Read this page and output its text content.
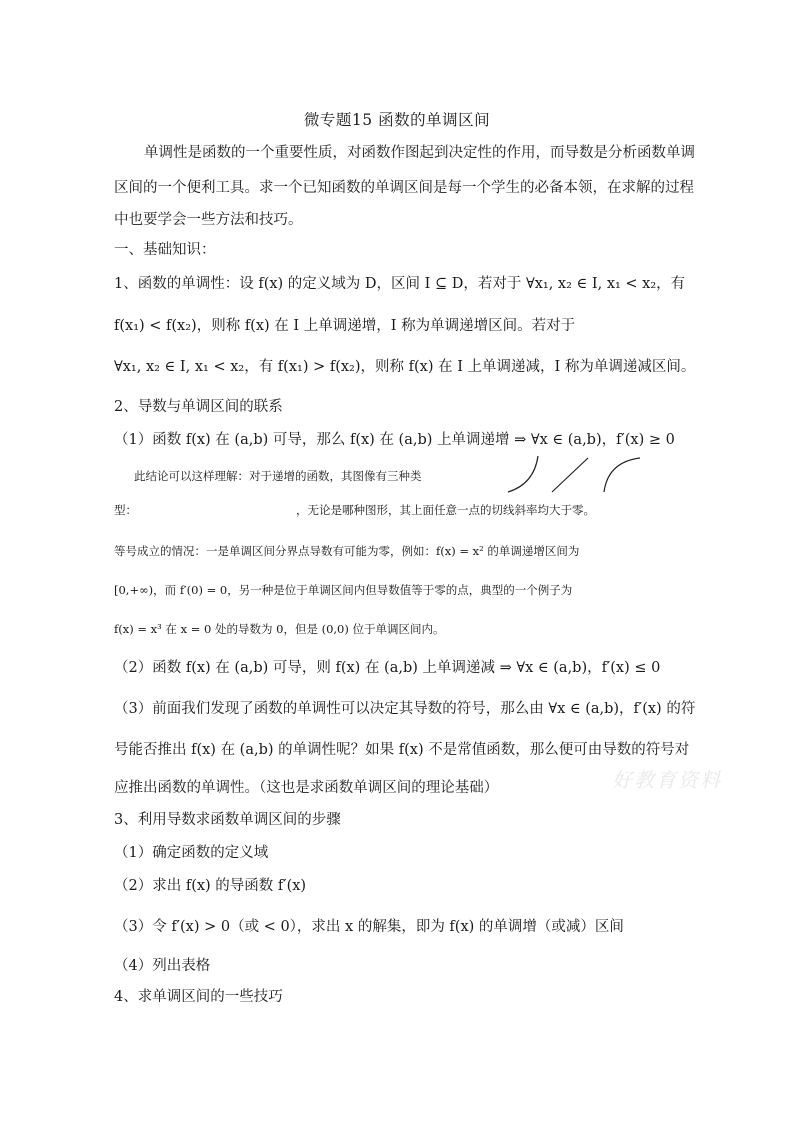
微专题15 函数的单调区间
单调性是函数的一个重要性质，对函数作图起到决定性的作用，而导数是分析函数单调
区间的一个便利工具。求一个已知函数的单调区间是每一个学生的必备本领，在求解的过程
中也要学会一些方法和技巧。
一、基础知识：
1、函数的单调性：设 f(x) 的定义域为 D，区间 I ⊆ D，若对于 ∀x₁, x₂ ∈ I, x₁ < x₂，有
f(x₁) < f(x₂)，则称 f(x) 在 I 上单调递增，I 称为单调递增区间。若对于
∀x₁, x₂ ∈ I, x₁ < x₂，有 f(x₁) > f(x₂)，则称 f(x) 在 I 上单调递减，I 称为单调递减区间。
2、导数与单调区间的联系
（1）函数 f(x) 在 (a,b) 可导，那么 f(x) 在 (a,b) 上单调递增 ⇒ ∀x ∈ (a,b)，f′(x) ≥ 0
此结论可以这样理解：对于递增的函数，其图像有三种类
型：	，无论是哪种图形，其上面任意一点的切线斜率均大于零。
等号成立的情况：一是单调区间分界点导数有可能为零，例如：f(x) = x² 的单调递增区间为
[0,+∞)，而 f′(0) = 0，另一种是位于单调区间内但导数值等于零的点，典型的一个例子为
f(x) = x³ 在 x = 0 处的导数为 0，但是 (0,0) 位于单调区间内。
（2）函数 f(x) 在 (a,b) 可导，则 f(x) 在 (a,b) 上单调递减 ⇒ ∀x ∈ (a,b)，f′(x) ≤ 0
（3）前面我们发现了函数的单调性可以决定其导数的符号，那么由 ∀x ∈ (a,b)，f′(x) 的符
号能否推出 f(x) 在 (a,b) 的单调性呢？如果 f(x) 不是常值函数，那么便可由导数的符号对
应推出函数的单调性。（这也是求函数单调区间的理论基础）	好教育资料
3、利用导数求函数单调区间的步骤
（1）确定函数的定义域
（2）求出 f(x) 的导函数 f′(x)
（3）令 f′(x) > 0（或 < 0），求出 x 的解集，即为 f(x) 的单调增（或减）区间
（4）列出表格
4、求单调区间的一些技巧
